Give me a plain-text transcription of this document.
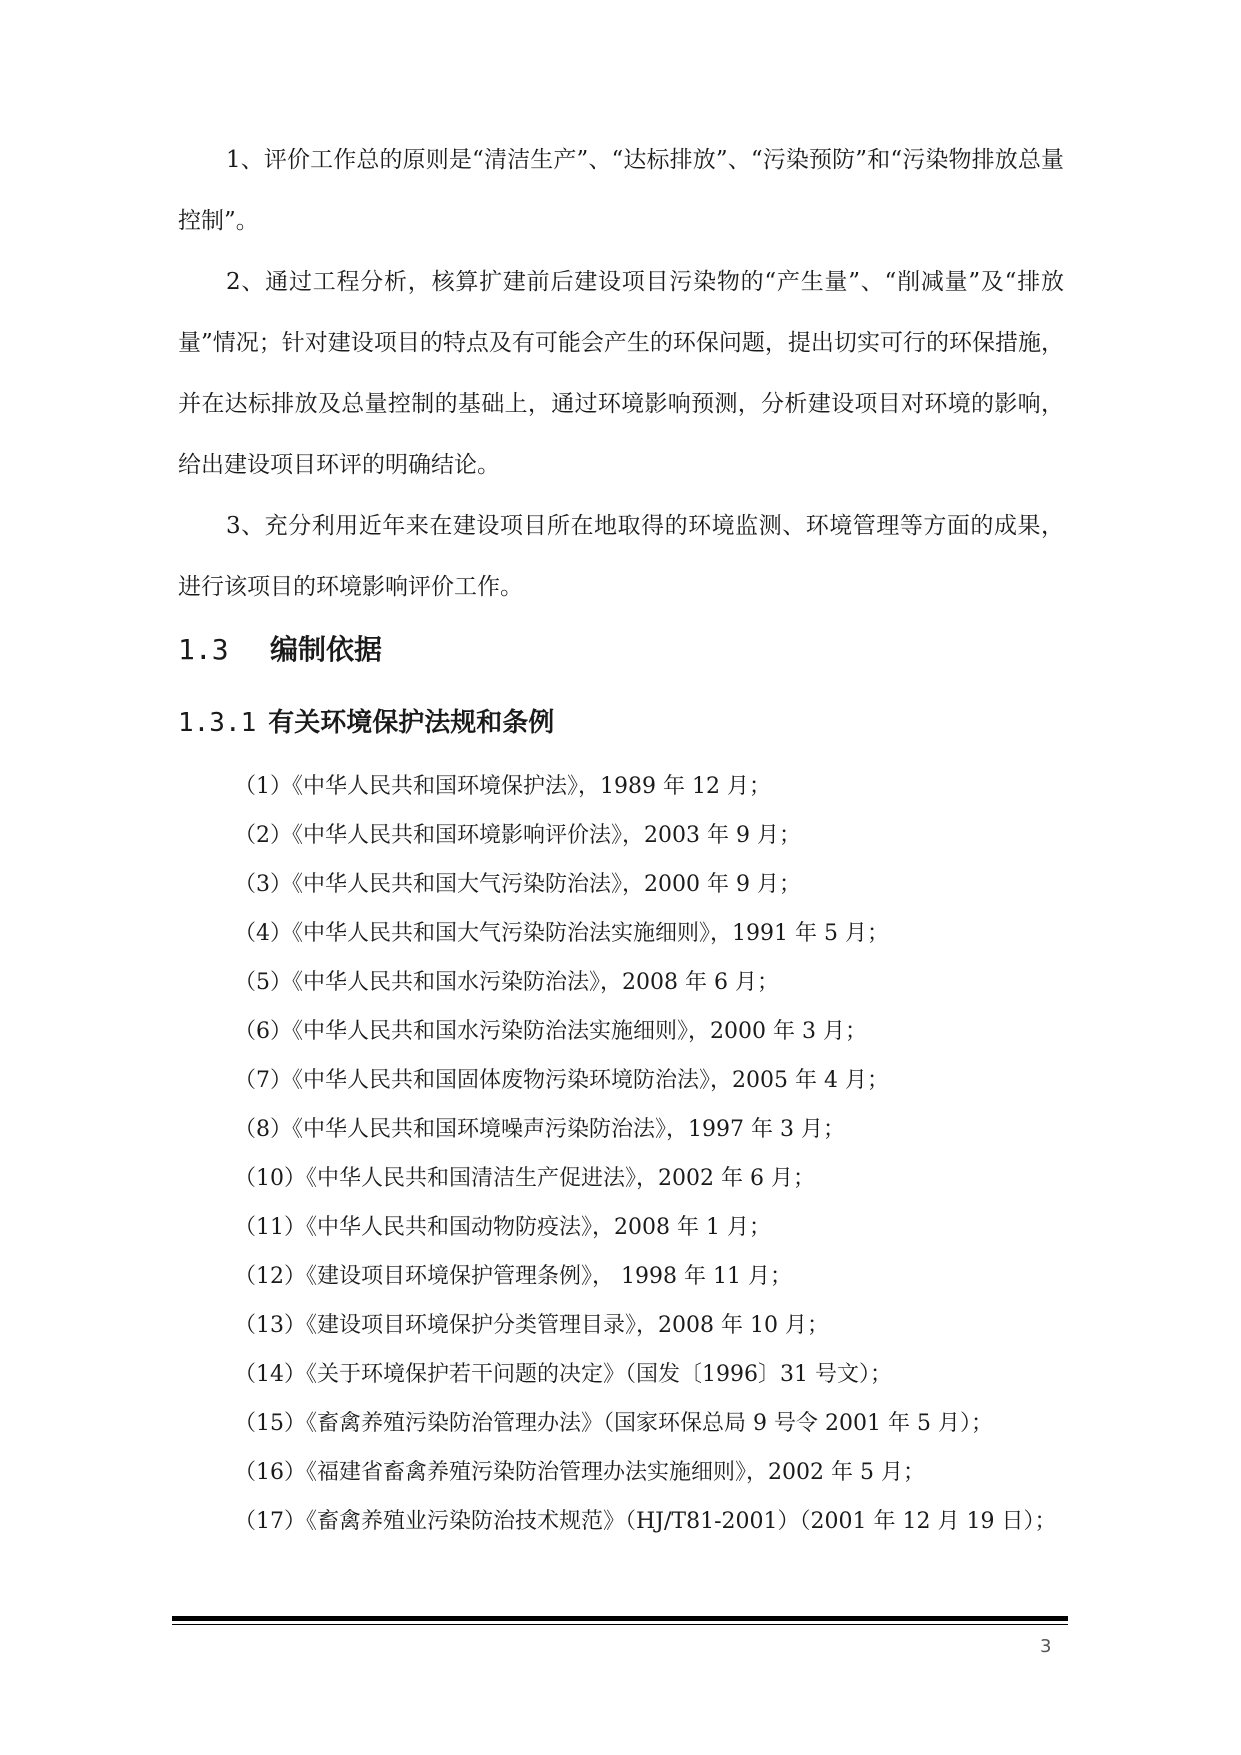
1、评价工作总的原则是“清洁生产”、“达标排放”、“污染预防”和“污染物排放总量控制”。

2、通过工程分析，核算扩建前后建设项目污染物的“产生量”、“削减量”及“排放量”情况；针对建设项目的特点及有可能会产生的环保问题，提出切实可行的环保措施，并在达标排放及总量控制的基础上，通过环境影响预测，分析建设项目对环境的影响，给出建设项目环评的明确结论。

3、充分利用近年来在建设项目所在地取得的环境监测、环境管理等方面的成果，进行该项目的环境影响评价工作。

1.3 编制依据
1.3.1 有关环境保护法规和条例
（1）《中华人民共和国环境保护法》，1989 年 12 月；
（2）《中华人民共和国环境影响评价法》，2003 年 9 月；
（3）《中华人民共和国大气污染防治法》，2000 年 9 月；
（4）《中华人民共和国大气污染防治法实施细则》，1991 年 5 月；
（5）《中华人民共和国水污染防治法》，2008 年 6 月；
（6）《中华人民共和国水污染防治法实施细则》，2000 年 3 月；
（7）《中华人民共和国固体废物污染环境防治法》，2005 年 4 月；
（8）《中华人民共和国环境噪声污染防治法》，1997 年 3 月；
（10）《中华人民共和国清洁生产促进法》，2002 年 6 月；
（11）《中华人民共和国动物防疫法》，2008 年 1 月；
（12）《建设项目环境保护管理条例》， 1998 年 11 月；
（13）《建设项目环境保护分类管理目录》，2008 年 10 月；
（14）《关于环境保护若干问题的决定》（国发〔1996〕31 号文）；
（15）《畜禽养殖污染防治管理办法》（国家环保总局 9 号令 2001 年 5 月）；
（16）《福建省畜禽养殖污染防治管理办法实施细则》，2002 年 5 月；
（17）《畜禽养殖业污染防治技术规范》（HJ/T81-2001）（2001 年 12 月 19 日）；
3
